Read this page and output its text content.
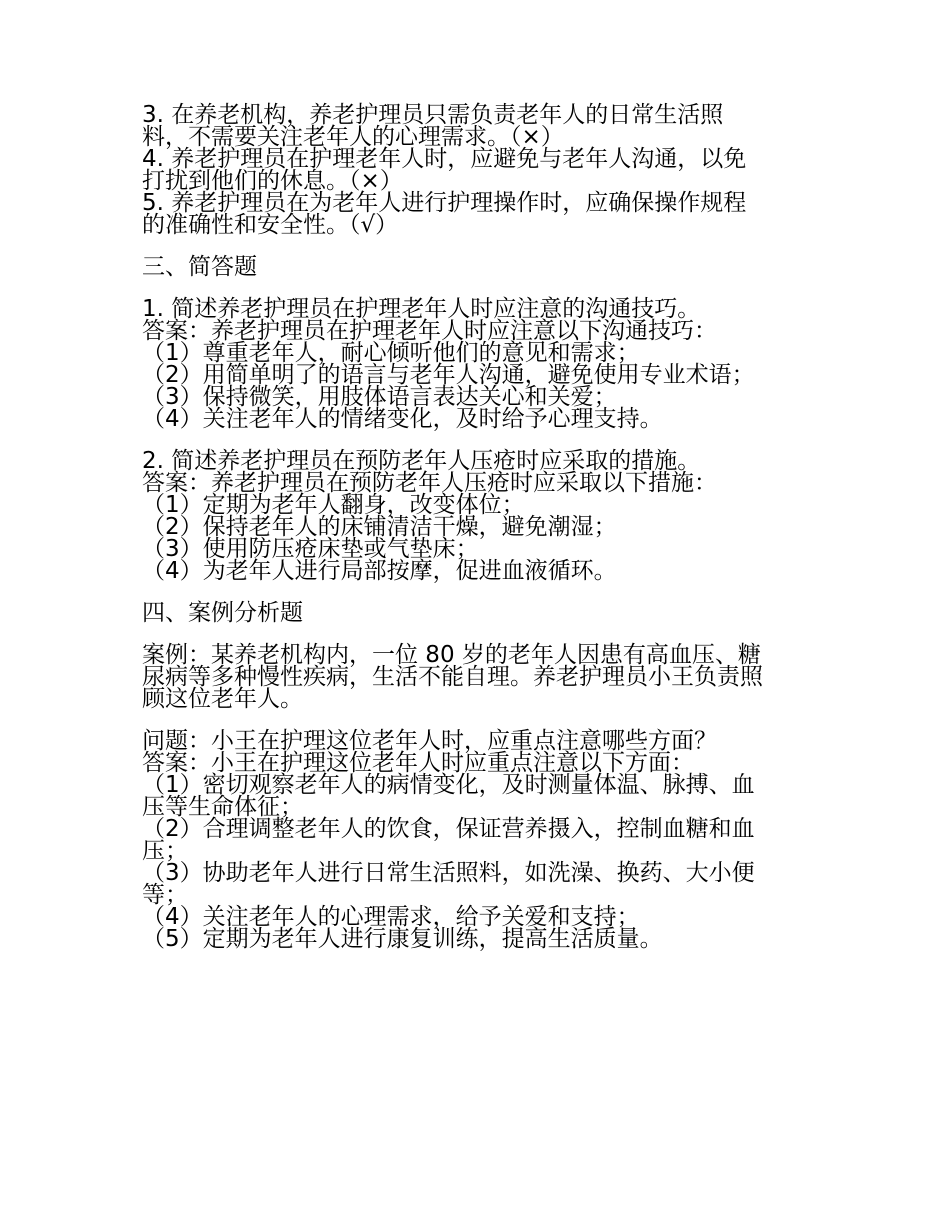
3. 在养老机构，养老护理员只需负责老年人的日常生活照
料，不需要关注老年人的心理需求。（×）
4. 养老护理员在护理老年人时，应避免与老年人沟通，以免
打扰到他们的休息。（×）
5. 养老护理员在为老年人进行护理操作时，应确保操作规程
的准确性和安全性。（√）
三、简答题
1. 简述养老护理员在护理老年人时应注意的沟通技巧。
答案：养老护理员在护理老年人时应注意以下沟通技巧：
（1）尊重老年人，耐心倾听他们的意见和需求；
（2）用简单明了的语言与老年人沟通，避免使用专业术语；
（3）保持微笑，用肢体语言表达关心和关爱；
（4）关注老年人的情绪变化，及时给予心理支持。
2. 简述养老护理员在预防老年人压疮时应采取的措施。
答案：养老护理员在预防老年人压疮时应采取以下措施：
（1）定期为老年人翻身，改变体位；
（2）保持老年人的床铺清洁干燥，避免潮湿；
（3）使用防压疮床垫或气垫床；
（4）为老年人进行局部按摩，促进血液循环。
四、案例分析题
案例：某养老机构内，一位 80 岁的老年人因患有高血压、糖
尿病等多种慢性疾病，生活不能自理。养老护理员小王负责照
顾这位老年人。
问题：小王在护理这位老年人时，应重点注意哪些方面？
答案：小王在护理这位老年人时应重点注意以下方面：
（1）密切观察老年人的病情变化，及时测量体温、脉搏、血
压等生命体征；
（2）合理调整老年人的饮食，保证营养摄入，控制血糖和血
压；
（3）协助老年人进行日常生活照料，如洗澡、换药、大小便
等；
（4）关注老年人的心理需求，给予关爱和支持；
（5）定期为老年人进行康复训练，提高生活质量。
